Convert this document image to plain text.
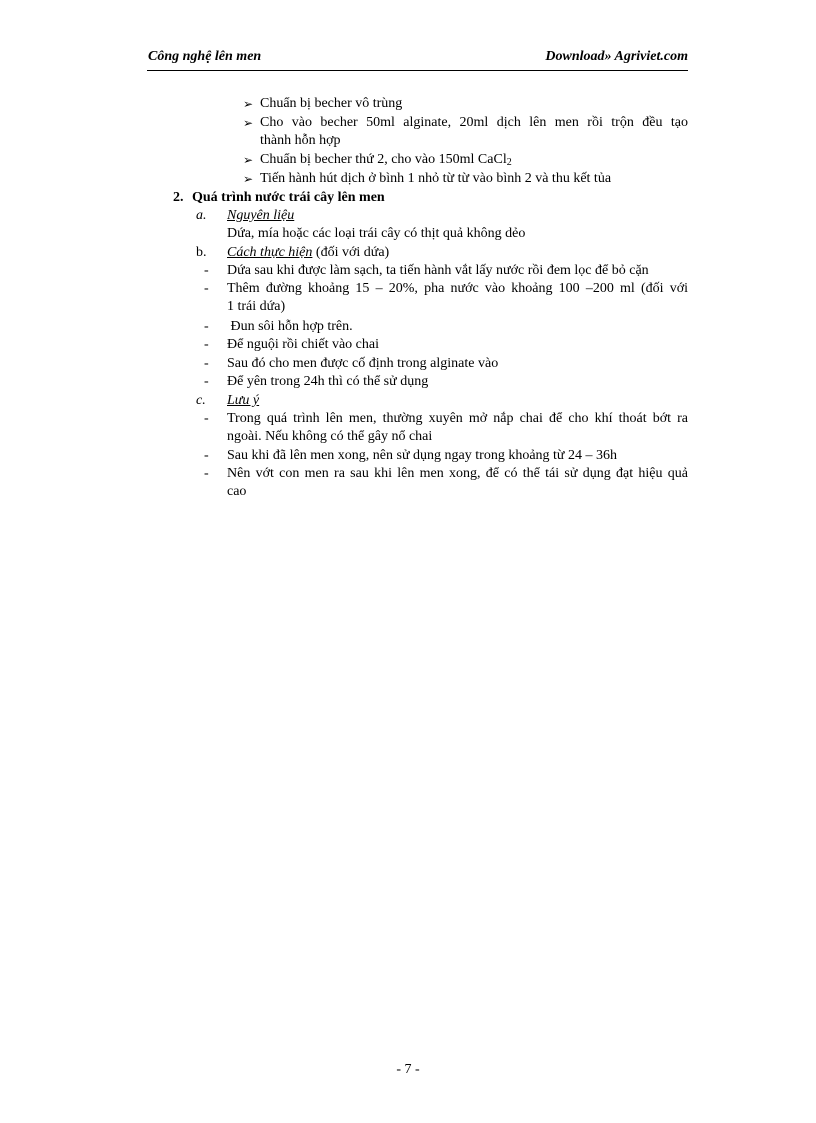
Công nghệ lên men	Download» Agriviet.com
➢ Chuẩn bị becher vô trùng
➢ Cho vào becher 50ml alginate, 20ml dịch lên men rồi trộn đều tạo
thành hỗn hợp
➢ Chuẩn bị becher thứ 2, cho vào 150ml CaCl$_2$
➢ Tiến hành hút dịch ở bình 1 nhỏ từ từ vào bình 2 và thu kết tủa
2. Quá trình nước trái cây lên men
a. Nguyên liệu
Dứa, mía hoặc các loại trái cây có thịt quả không dẻo
b. Cách thực hiện (đối với dứa)
- Dứa sau khi được làm sạch, ta tiến hành vắt lấy nước rồi đem lọc để bỏ cặn
- Thêm đường khoảng 15 – 20%, pha nước vào khoảng 100 –200 ml (đối với
1 trái dứa)
- Đun sôi hỗn hợp trên.
- Để nguội rồi chiết vào chai
- Sau đó cho men được cố định trong alginate vào
- Để yên trong 24h thì có thể sử dụng
c. Lưu ý
- Trong quá trình lên men, thường xuyên mở nắp chai để cho khí thoát bớt ra
ngoài. Nếu không có thể gây nổ chai
- Sau khi đã lên men xong, nên sử dụng ngay trong khoảng từ 24 – 36h
- Nên vớt con men ra sau khi lên men xong, để có thể tái sử dụng đạt hiệu quả
cao
- 7 -
